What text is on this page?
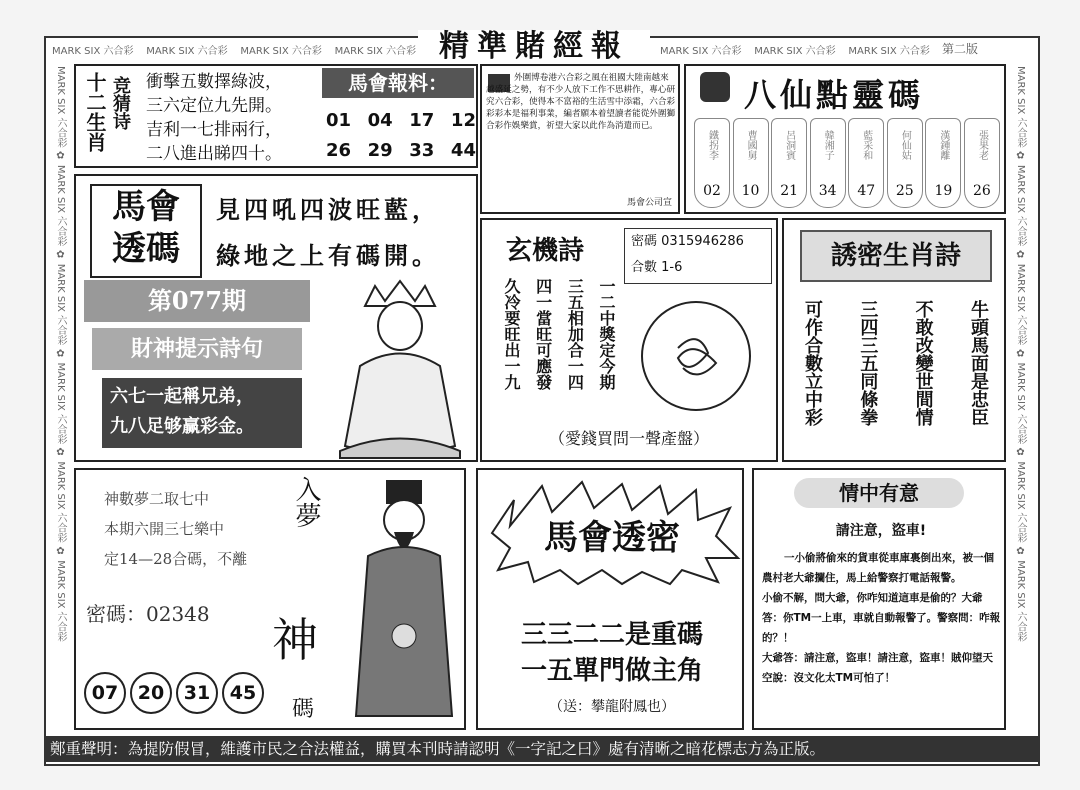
MARK SIX 六合彩 MARK SIX 六合彩 MARK SIX 六合彩 MARK SIX 六合彩	MARK SIX 六合彩 MARK SIX 六合彩 MARK SIX 六合彩
MARK SIX 六合彩 ✿ MARK SIX 六合彩 ✿ MARK SIX 六合彩 ✿ MARK SIX 六合彩 ✿ MARK SIX 六合彩 ✿ MARK SIX 六合彩
MARK SIX 六合彩 ✿ MARK SIX 六合彩 ✿ MARK SIX 六合彩 ✿ MARK SIX 六合彩 ✿ MARK SIX 六合彩 ✿ MARK SIX 六合彩
精準賭經報	第二版
十二生肖 竞猜诗 衝擊五數擇綠波，
三六定位九先開。
吉利一七排兩行，
二八進出睇四十。
馬會報料：
01 04 17 12
26 29 33 44
外圍博卷港六合彩之風在祖國大陸南越來越盛延之勢，有不少人放下工作不思耕作，專心研究六合彩，使得本不富裕的生活雪中添霜，六合彩彩彩本是福利事業，編者願本着望讀者能從外圍獅合彩作娛樂賞，祈望大家以此作為消遣而已。
馬會公司宣
八仙點靈碼
鐵拐李
02
曹國舅
10
呂洞賓
21
韓湘子
34
藍采和
47
何仙姑
25
漢鍾離
19
張果老
26
馬會
透碼
見四吼四波旺藍，
綠地之上有碼開。
第077期
財神提示詩句
六七一起稱兄弟，
九八足够赢彩金。
玄機詩	密碼 0315946286
合數 1-6
一二中獎定今期
三五相加合一四
四一當旺可應發
久冷要旺出一九
（愛錢買問一聲產盤）
誘密生肖詩
牛頭馬面是忠臣
不敢改變世間情
三四三五同條拳
可作合數立中彩
神數夢二取七中
本期六開三七樂中
定14—28合碼，不離
密碼：02348
07	20	31	45
入夢
神
碼
馬會透密
三三二二是重碼
一五單門做主角
（送：攀龍附鳳也）
情中有意
請注意，盜車!
一小偷將偷來的貨車從車庫裏倒出來，被一個農村老大爺攔住，馬上給警察打電話報警。
小偷不解，問大爺，你咋知道這車是偷的？大爺答：你TM一上車，車就自動報警了。警察問：咋報的？！
大爺答：請注意，盜車！請注意，盜車！賊仰望天空說：沒文化太TM可怕了！
鄭重聲明：為提防假冒，維護市民之合法權益，購買本刊時請認明《一字記之曰》處有清晰之暗花標志方為正版。
